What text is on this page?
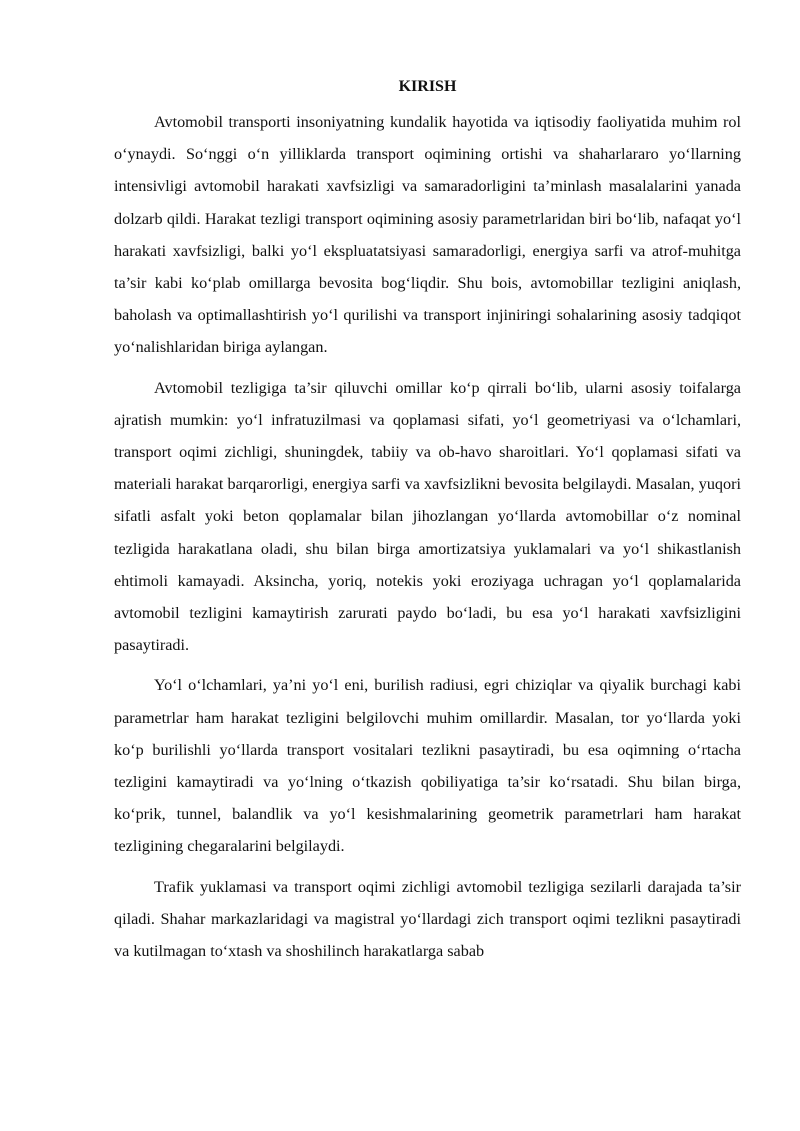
KIRISH

Avtomobil transporti insoniyatning kundalik hayotida va iqtisodiy faoliyatida muhim rol o‘ynaydi. So‘nggi o‘n yilliklarda transport oqimining ortishi va shaharlararo yo‘llarning intensivligi avtomobil harakati xavfsizligi va samaradorligini ta’minlash masalalarini yanada dolzarb qildi. Harakat tezligi transport oqimining asosiy parametrlaridan biri bo‘lib, nafaqat yo‘l harakati xavfsizligi, balki yo‘l ekspluatatsiyasi samaradorligi, energiya sarfi va atrof-muhitga ta’sir kabi ko‘plab omillarga bevosita bog‘liqdir. Shu bois, avtomobillar tezligini aniqlash, baholash va optimallashtirish yo‘l qurilishi va transport injiniringi sohalarining asosiy tadqiqot yo‘nalishlaridan biriga aylangan.

Avtomobil tezligiga ta’sir qiluvchi omillar ko‘p qirrali bo‘lib, ularni asosiy toifalarga ajratish mumkin: yo‘l infratuzilmasi va qoplamasi sifati, yo‘l geometriyasi va o‘lchamlari, transport oqimi zichligi, shuningdek, tabiiy va ob-havo sharoitlari. Yo‘l qoplamasi sifati va materiali harakat barqarorligi, energiya sarfi va xavfsizlikni bevosita belgilaydi. Masalan, yuqori sifatli asfalt yoki beton qoplamalar bilan jihozlangan yo‘llarda avtomobillar o‘z nominal tezligida harakatlana oladi, shu bilan birga amortizatsiya yuklamalari va yo‘l shikastlanish ehtimoli kamayadi. Aksincha, yoriq, notekis yoki eroziyaga uchragan yo‘l qoplamalarida avtomobil tezligini kamaytirish zarurati paydo bo‘ladi, bu esa yo‘l harakati xavfsizligini pasaytiradi.

Yo‘l o‘lchamlari, ya’ni yo‘l eni, burilish radiusi, egri chiziqlar va qiyalik burchagi kabi parametrlar ham harakat tezligini belgilovchi muhim omillardir. Masalan, tor yo‘llarda yoki ko‘p burilishli yo‘llarda transport vositalari tezlikni pasaytiradi, bu esa oqimning o‘rtacha tezligini kamaytiradi va yo‘lning o‘tkazish qobiliyatiga ta’sir ko‘rsatadi. Shu bilan birga, ko‘prik, tunnel, balandlik va yo‘l kesishmalarining geometrik parametrlari ham harakat tezligining chegaralarini belgilaydi.

Trafik yuklamasi va transport oqimi zichligi avtomobil tezligiga sezilarli darajada ta’sir qiladi. Shahar markazlaridagi va magistral yo‘llardagi zich transport oqimi tezlikni pasaytiradi va kutilmagan to‘xtash va shoshilinch harakatlarga sabab
